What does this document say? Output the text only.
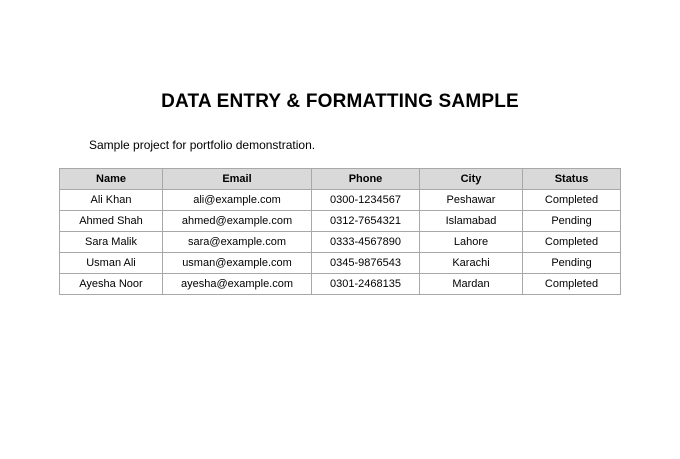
DATA ENTRY & FORMATTING SAMPLE
Sample project for portfolio demonstration.
Name	Email	Phone	City	Status
Ali Khan	ali@example.com	0300-1234567	Peshawar	Completed
Ahmed Shah	ahmed@example.com	0312-7654321	Islamabad	Pending
Sara Malik	sara@example.com	0333-4567890	Lahore	Completed
Usman Ali	usman@example.com	0345-9876543	Karachi	Pending
Ayesha Noor	ayesha@example.com	0301-2468135	Mardan	Completed
